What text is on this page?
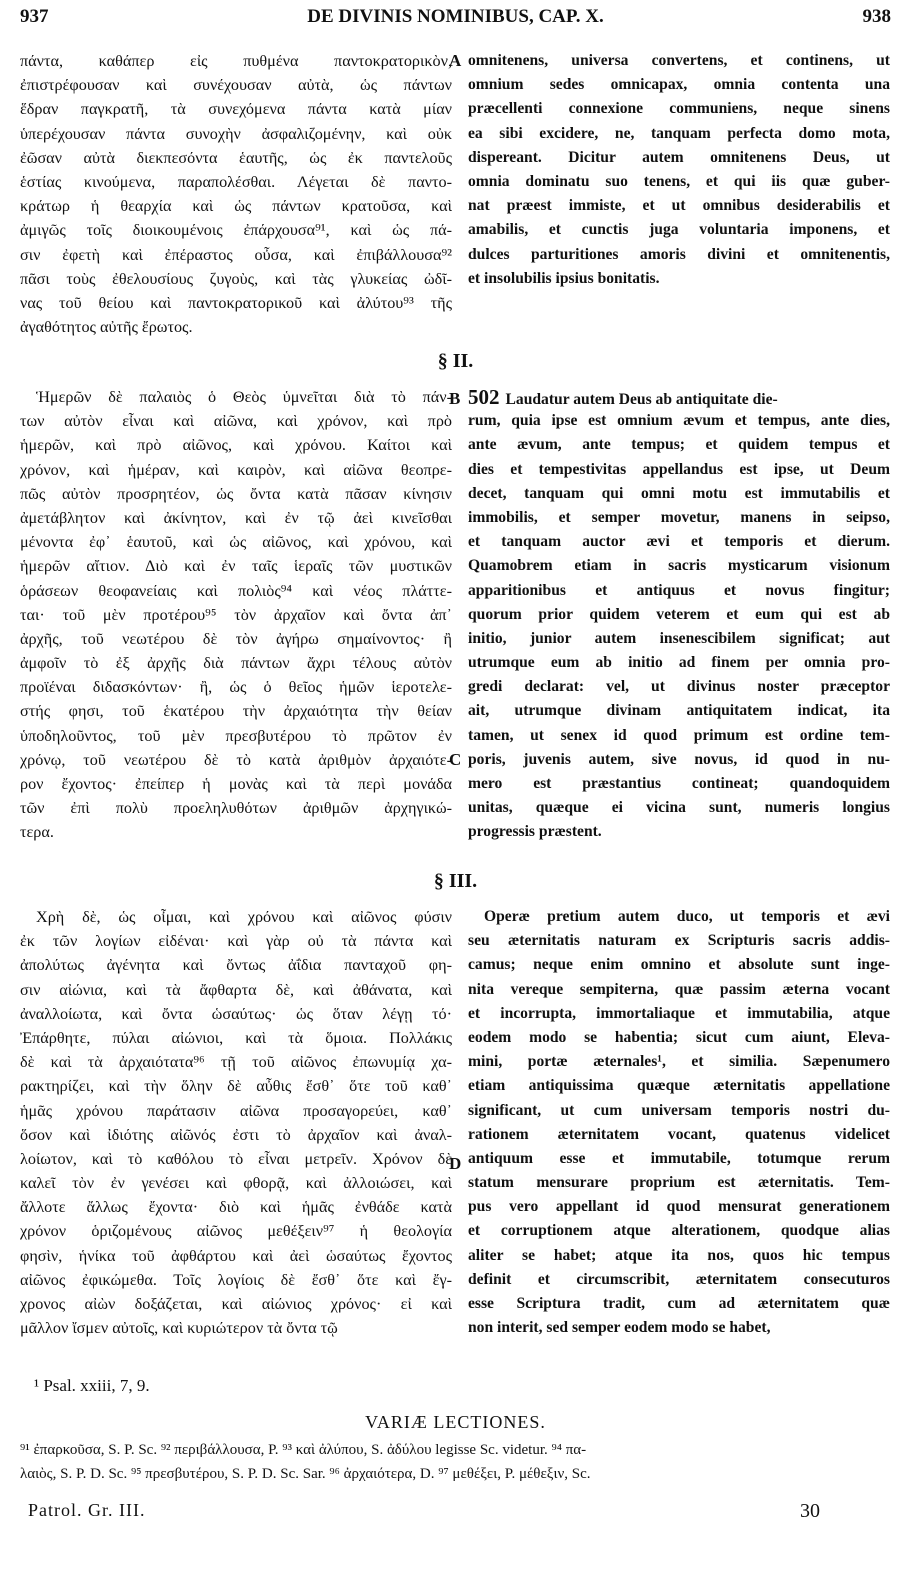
937	DE DIVINIS NOMINIBUS, CAP. X.	938
πάντα, καθάπερ εἰς πυθμένα παντοκρατορικὸν,
ἐπιστρέφουσαν καὶ συνέχουσαν αὐτὰ, ὡς πάντων
ἕδραν παγκρατῆ, τὰ συνεχόμενα πάντα κατὰ μίαν
ὑπερέχουσαν πάντα συνοχὴν ἀσφαλιζομένην, καὶ οὐκ
ἐῶσαν αὐτὰ διεκπεσόντα ἑαυτῆς, ὡς ἐκ παντελοῦς
ἑστίας κινούμενα, παραπολέσθαι. Λέγεται δὲ παντο-
κράτωρ ἡ θεαρχία καὶ ὡς πάντων κρατοῦσα, καὶ
ἀμιγῶς τοῖς διοικουμένοις ἐπάρχουσα⁹¹, καὶ ὡς πά-
σιν ἐφετὴ καὶ ἐπέραστος οὖσα, καὶ ἐπιβάλλουσα⁹²
πᾶσι τοὺς ἐθελουσίους ζυγοὺς, καὶ τὰς γλυκείας ὠδῖ-
νας τοῦ θείου καὶ παντοκρατορικοῦ καὶ ἀλύτου⁹³ τῆς
ἀγαθότητος αὐτῆς ἔρωτος.
omnitenens, universa convertens, et continens, ut
omnium sedes omnicapax, omnia contenta una
præcellenti connexione communiens, neque sinens
ea sibi excidere, ne, tanquam perfecta domo mota,
dispereant. Dicitur autem omnitenens Deus, ut
omnia dominatu suo tenens, et qui iis quæ guber-
nat præest immiste, et ut omnibus desiderabilis et
amabilis, et cunctis juga voluntaria imponens, et
dulces parturitiones amoris divini et omnitenentis,
et insolubilis ipsius bonitatis.
A
§ II.
Ἡμερῶν δὲ παλαιὸς ὁ Θεὸς ὑμνεῖται διὰ τὸ πάν-
των αὐτὸν εἶναι καὶ αἰῶνα, καὶ χρόνον, καὶ πρὸ
ἡμερῶν, καὶ πρὸ αἰῶνος, καὶ χρόνου. Καίτοι καὶ
χρόνον, καὶ ἡμέραν, καὶ καιρὸν, καὶ αἰῶνα θεοπρε-
πῶς αὐτὸν προσρητέον, ὡς ὄντα κατὰ πᾶσαν κίνησιν
ἀμετάβλητον καὶ ἀκίνητον, καὶ ἐν τῷ ἀεὶ κινεῖσθαι
μένοντα ἐφ᾿ ἑαυτοῦ, καὶ ὡς αἰῶνος, καὶ χρόνου, καὶ
ἡμερῶν αἴτιον. Διὸ καὶ ἐν ταῖς ἱεραῖς τῶν μυστικῶν
ὁράσεων θεοφανείαις καὶ πολιὸς⁹⁴ καὶ νέος πλάττε-
ται· τοῦ μὲν προτέρου⁹⁵ τὸν ἀρχαῖον καὶ ὄντα ἀπ᾿
ἀρχῆς, τοῦ νεωτέρου δὲ τὸν ἀγήρω σημαίνοντος· ἢ
ἀμφοῖν τὸ ἐξ ἀρχῆς διὰ πάντων ἄχρι τέλους αὐτὸν
προϊέναι διδασκόντων· ἢ, ὡς ὁ θεῖος ἡμῶν ἱεροτελε-
στής φησι, τοῦ ἑκατέρου τὴν ἀρχαιότητα τὴν θείαν
ὑποδηλοῦντος, τοῦ μὲν πρεσβυτέρου τὸ πρῶτον ἐν
χρόνῳ, τοῦ νεωτέρου δὲ τὸ κατὰ ἀριθμὸν ἀρχαιότε-
ρον ἔχοντος· ἐπείπερ ἡ μονὰς καὶ τὰ περὶ μονάδα
τῶν ἐπὶ πολὺ προεληλυθότων ἀριθμῶν ἀρχηγικώ-
τερα.
502 Laudatur autem Deus ab antiquitate die-
rum, quia ipse est omnium ævum et tempus, ante dies,
ante ævum, ante tempus; et quidem tempus et
dies et tempestivitas appellandus est ipse, ut Deum
decet, tanquam qui omni motu est immutabilis et
immobilis, et semper movetur, manens in seipso,
et tanquam auctor ævi et temporis et dierum.
Quamobrem etiam in sacris mysticarum visionum
apparitionibus et antiquus et novus fingitur;
quorum prior quidem veterem et eum qui est ab
initio, junior autem insenescibilem significat; aut
utrumque eum ab initio ad finem per omnia pro-
gredi declarat: vel, ut divinus noster præceptor
ait, utrumque divinam antiquitatem indicat, ita
tamen, ut senex id quod primum est ordine tem-
poris, juvenis autem, sive novus, id quod in nu-
mero est præstantius contineat; quandoquidem
unitas, quæque ei vicina sunt, numeris longius
progressis præstent.
B
C
§ III.
Χρὴ δὲ, ὡς οἶμαι, καὶ χρόνου καὶ αἰῶνος φύσιν
ἐκ τῶν λογίων εἰδέναι· καὶ γὰρ οὐ τὰ πάντα καὶ
ἀπολύτως ἀγένητα καὶ ὄντως ἀΐδια πανταχοῦ φη-
σιν αἰώνια, καὶ τὰ ἄφθαρτα δὲ, καὶ ἀθάνατα, καὶ
ἀναλλοίωτα, καὶ ὄντα ὡσαύτως· ὡς ὅταν λέγῃ τό·
Ἐπάρθητε, πύλαι αἰώνιοι, καὶ τὰ ὅμοια. Πολλάκις
δὲ καὶ τὰ ἀρχαιότατα⁹⁶ τῇ τοῦ αἰῶνος ἐπωνυμίᾳ χα-
ρακτηρίζει, καὶ τὴν ὅλην δὲ αὖθις ἔσθ᾿ ὅτε τοῦ καθ᾿
ἡμᾶς χρόνου παράτασιν αἰῶνα προσαγορεύει, καθ᾿
ὅσον καὶ ἰδιότης αἰῶνός ἐστι τὸ ἀρχαῖον καὶ ἀναλ-
λοίωτον, καὶ τὸ καθόλου τὸ εἶναι μετρεῖν. Χρόνον δὲ
καλεῖ τὸν ἐν γενέσει καὶ φθορᾷ, καὶ ἀλλοιώσει, καὶ
ἄλλοτε ἄλλως ἔχοντα· διὸ καὶ ἡμᾶς ἐνθάδε κατὰ
χρόνον ὁριζομένους αἰῶνος μεθέξειν⁹⁷ ἡ θεολογία
φησὶν, ἡνίκα τοῦ ἀφθάρτου καὶ ἀεὶ ὡσαύτως ἔχοντος
αἰῶνος ἐφικώμεθα. Τοῖς λογίοις δὲ ἔσθ᾿ ὅτε καὶ ἔγ-
χρονος αἰὼν δοξάζεται, καὶ αἰώνιος χρόνος· εἰ καὶ
μᾶλλον ἴσμεν αὐτοῖς, καὶ κυριώτερον τὰ ὄντα τῷ
Operæ pretium autem duco, ut temporis et ævi
seu æternitatis naturam ex Scripturis sacris addis-
camus; neque enim omnino et absolute sunt inge-
nita vereque sempiterna, quæ passim æterna vocant
et incorrupta, immortaliaque et immutabilia, atque
eodem modo se habentia; sicut cum aiunt, Eleva-
mini, portæ æternales¹, et similia. Sæpenumero
etiam antiquissima quæque æternitatis appellatione
significant, ut cum universam temporis nostri du-
rationem æternitatem vocant, quatenus videlicet
antiquum esse et immutabile, totumque rerum
statum mensurare proprium est æternitatis. Tem-
pus vero appellant id quod mensurat generationem
et corruptionem atque alterationem, quodque alias
aliter se habet; atque ita nos, quos hic tempus
definit et circumscribit, æternitatem consecuturos
esse Scriptura tradit, cum ad æternitatem quæ
non interit, sed semper eodem modo se habet,
D
¹ Psal. xxiii, 7, 9.
VARIÆ LECTIONES.
⁹¹ ἐπαρκοῦσα, S. P. Sc. ⁹² περιβάλλουσα, P. ⁹³ καὶ ἀλύπου, S. ἀδύλου legisse Sc. videtur. ⁹⁴ πα-
λαιὸς, S. P. D. Sc. ⁹⁵ πρεσβυτέρου, S. P. D. Sc. Sar. ⁹⁶ ἀρχαιότερα, D. ⁹⁷ μεθέξει, P. μέθεξιν, Sc.
Patrol. Gr. III.	30
